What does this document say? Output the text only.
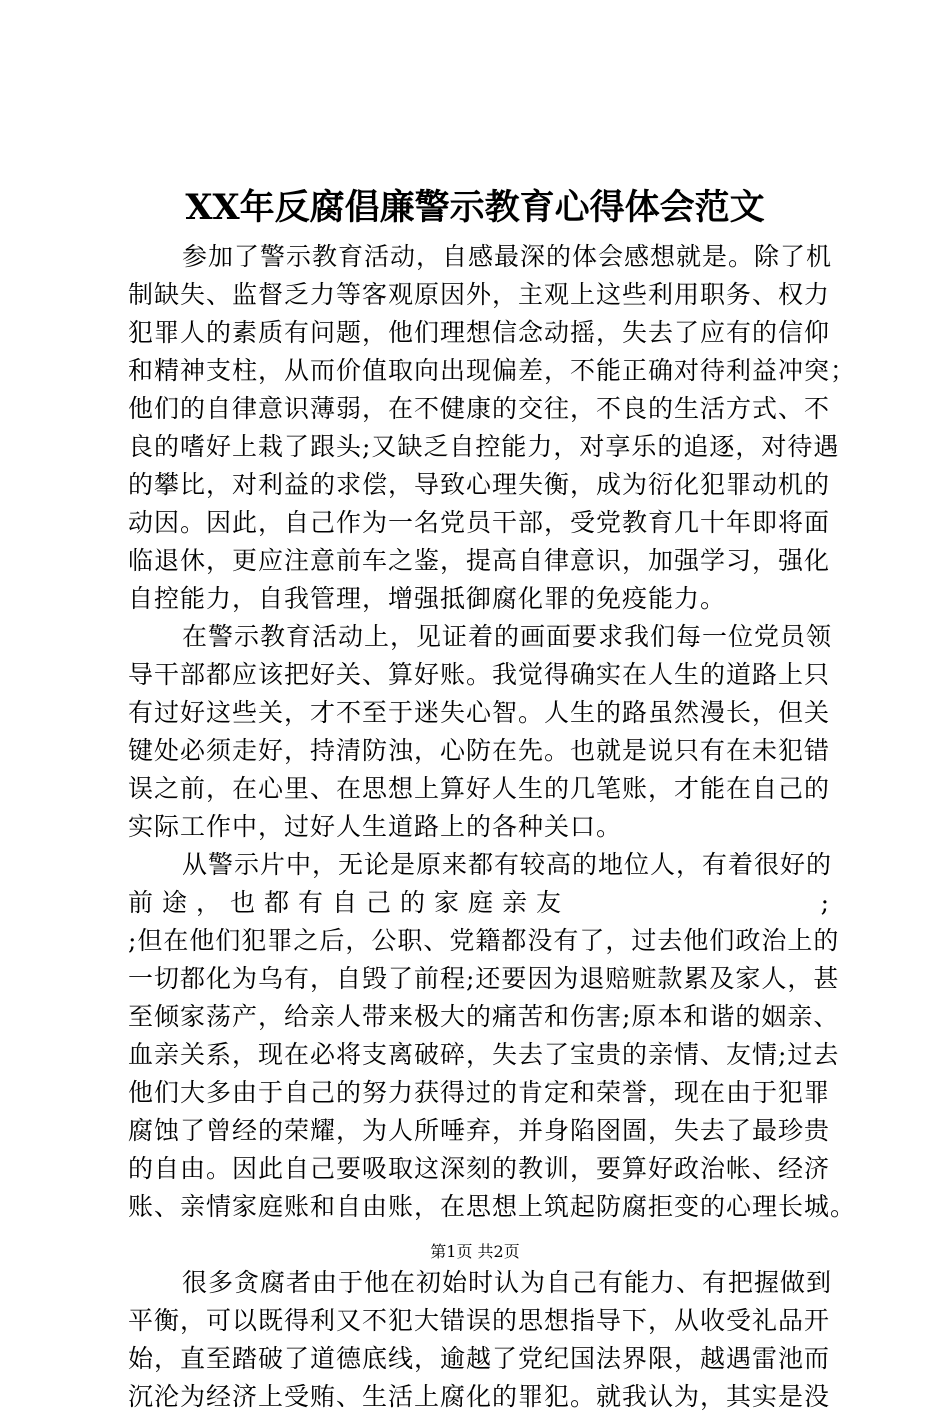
XX年反腐倡廉警示教育心得体会范文
参加了警示教育活动，自感最深的体会感想就是。除了机
制缺失、监督乏力等客观原因外，主观上这些利用职务、权力
犯罪人的素质有问题，他们理想信念动摇，失去了应有的信仰
和精神支柱，从而价值取向出现偏差，不能正确对待利益冲突；
他们的自律意识薄弱，在不健康的交往，不良的生活方式、不
良的嗜好上栽了跟头;又缺乏自控能力，对享乐的追逐，对待遇
的攀比，对利益的求偿，导致心理失衡，成为衍化犯罪动机的
动因。因此，自己作为一名党员干部，受党教育几十年即将面
临退休，更应注意前车之鉴，提高自律意识，加强学习，强化
自控能力，自我管理，增强抵御腐化罪的免疫能力。
在警示教育活动上，见证着的画面要求我们每一位党员领
导干部都应该把好关、算好账。我觉得确实在人生的道路上只
有过好这些关，才不至于迷失心智。人生的路虽然漫长，但关
键处必须走好，持清防浊，心防在先。也就是说只有在未犯错
误之前，在心里、在思想上算好人生的几笔账，才能在自己的
实际工作中，过好人生道路上的各种关口。
从警示片中，无论是原来都有较高的地位人，有着很好的
前途，也都有自己的家庭亲友	;
;但在他们犯罪之后，公职、党籍都没有了，过去他们政治上的
一切都化为乌有，自毁了前程;还要因为退赔赃款累及家人，甚
至倾家荡产，给亲人带来极大的痛苦和伤害;原本和谐的姻亲、
血亲关系，现在必将支离破碎，失去了宝贵的亲情、友情;过去
他们大多由于自己的努力获得过的肯定和荣誉，现在由于犯罪
腐蚀了曾经的荣耀，为人所唾弃，并身陷囹圄，失去了最珍贵
的自由。因此自己要吸取这深刻的教训，要算好政治帐、经济
账、亲情家庭账和自由账，在思想上筑起防腐拒变的心理长城。
很多贪腐者由于他在初始时认为自己有能力、有把握做到
平衡，可以既得利又不犯大错误的思想指导下，从收受礼品开
始，直至踏破了道德底线，逾越了党纪国法界限，越遇雷池而
沉沦为经济上受贿、生活上腐化的罪犯。就我认为，其实是没
第1页 共2页
